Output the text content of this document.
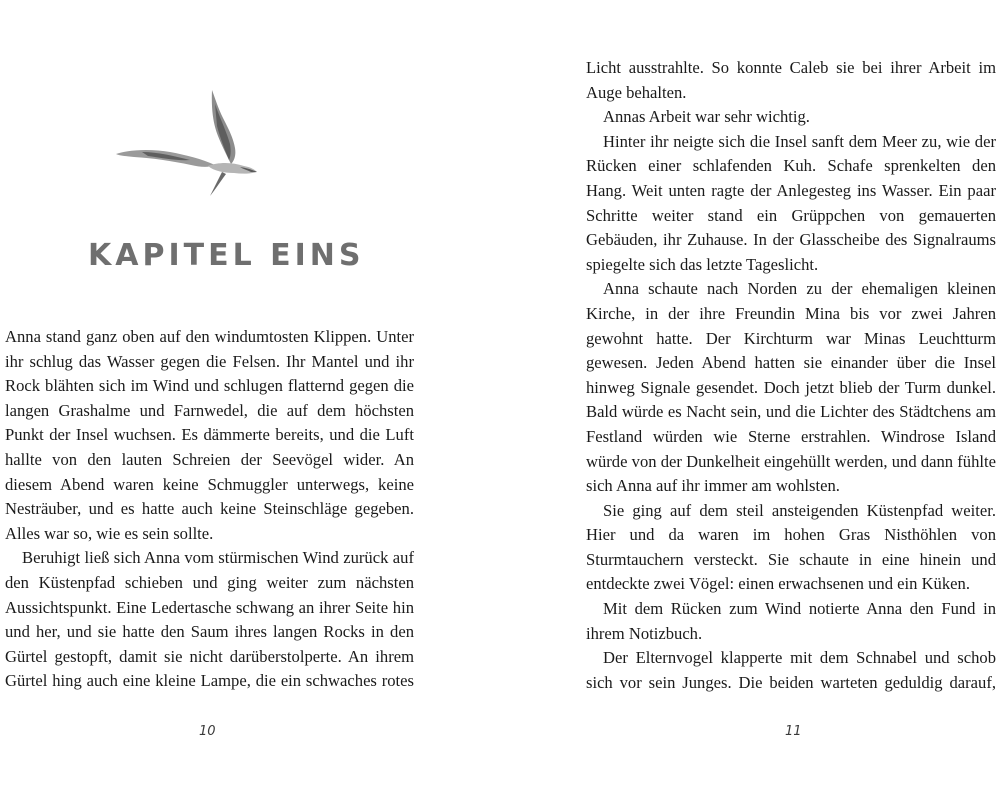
KAPITEL EINS

Anna stand ganz oben auf den windumtosten Klippen. Unter ihr schlug das Wasser gegen die Felsen. Ihr Mantel und ihr Rock blähten sich im Wind und schlugen flatternd gegen die langen Grashalme und Farnwedel, die auf dem höchsten Punkt der Insel wuchsen. Es dämmerte bereits, und die Luft hallte von den lauten Schreien der Seevögel wider. An diesem Abend waren keine Schmuggler unterwegs, keine Nesträuber, und es hatte auch keine Steinschläge gegeben. Alles war so, wie es sein sollte.

Beruhigt ließ sich Anna vom stürmischen Wind zurück auf den Küstenpfad schieben und ging weiter zum nächsten Aussichtspunkt. Eine Ledertasche schwang an ihrer Seite hin und her, und sie hatte den Saum ihres langen Rocks in den Gürtel gestopft, damit sie nicht darüberstolperte. An ihrem Gürtel hing auch eine kleine Lampe, die ein schwaches rotes

10

Licht ausstrahlte. So konnte Caleb sie bei ihrer Arbeit im Auge behalten.

Annas Arbeit war sehr wichtig.

Hinter ihr neigte sich die Insel sanft dem Meer zu, wie der Rücken einer schlafenden Kuh. Schafe sprenkelten den Hang. Weit unten ragte der Anlegesteg ins Wasser. Ein paar Schritte weiter stand ein Grüppchen von gemauerten Gebäuden, ihr Zuhause. In der Glasscheibe des Signalraums spiegelte sich das letzte Tageslicht.

Anna schaute nach Norden zu der ehemaligen kleinen Kirche, in der ihre Freundin Mina bis vor zwei Jahren gewohnt hatte. Der Kirchturm war Minas Leuchtturm gewesen. Jeden Abend hatten sie einander über die Insel hinweg Signale gesendet. Doch jetzt blieb der Turm dunkel. Bald würde es Nacht sein, und die Lichter des Städtchens am Festland würden wie Sterne erstrahlen. Windrose Island würde von der Dunkelheit eingehüllt werden, und dann fühlte sich Anna auf ihr immer am wohlsten.

Sie ging auf dem steil ansteigenden Küstenpfad weiter. Hier und da waren im hohen Gras Nisthöhlen von Sturmtauchern versteckt. Sie schaute in eine hinein und entdeckte zwei Vögel: einen erwachsenen und ein Küken.

Mit dem Rücken zum Wind notierte Anna den Fund in ihrem Notizbuch.

Der Elternvogel klapperte mit dem Schnabel und schob sich vor sein Junges. Die beiden warteten geduldig darauf,

11
